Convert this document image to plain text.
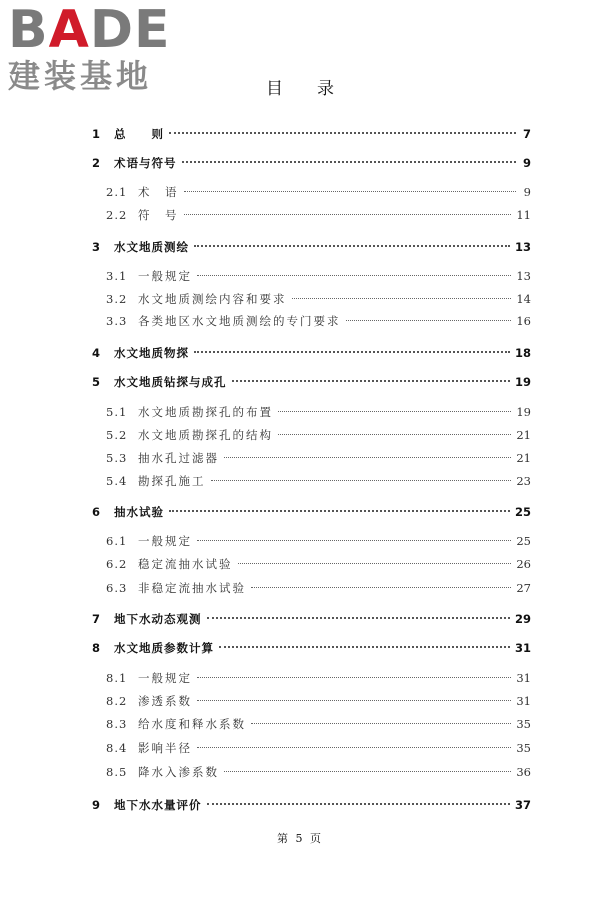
BADE
建装基地	目录
1	总　　则	7
2	术语与符号	9
2.1 术　语	9
2.2 符　号	11
3	水文地质测绘	13
3.1 一般规定	13
3.2 水文地质测绘内容和要求	14
3.3 各类地区水文地质测绘的专门要求	16
4	水文地质物探	18
5	水文地质钻探与成孔	19
5.1 水文地质勘探孔的布置	19
5.2 水文地质勘探孔的结构	21
5.3 抽水孔过滤器	21
5.4 勘探孔施工	23
6	抽水试验	25
6.1 一般规定	25
6.2 稳定流抽水试验	26
6.3 非稳定流抽水试验	27
7	地下水动态观测	29
8	水文地质参数计算	31
8.1 一般规定	31
8.2 渗透系数	31
8.3 给水度和释水系数	35
8.4 影响半径	35
8.5 降水入渗系数	36
9	地下水水量评价	37
第 5 页
